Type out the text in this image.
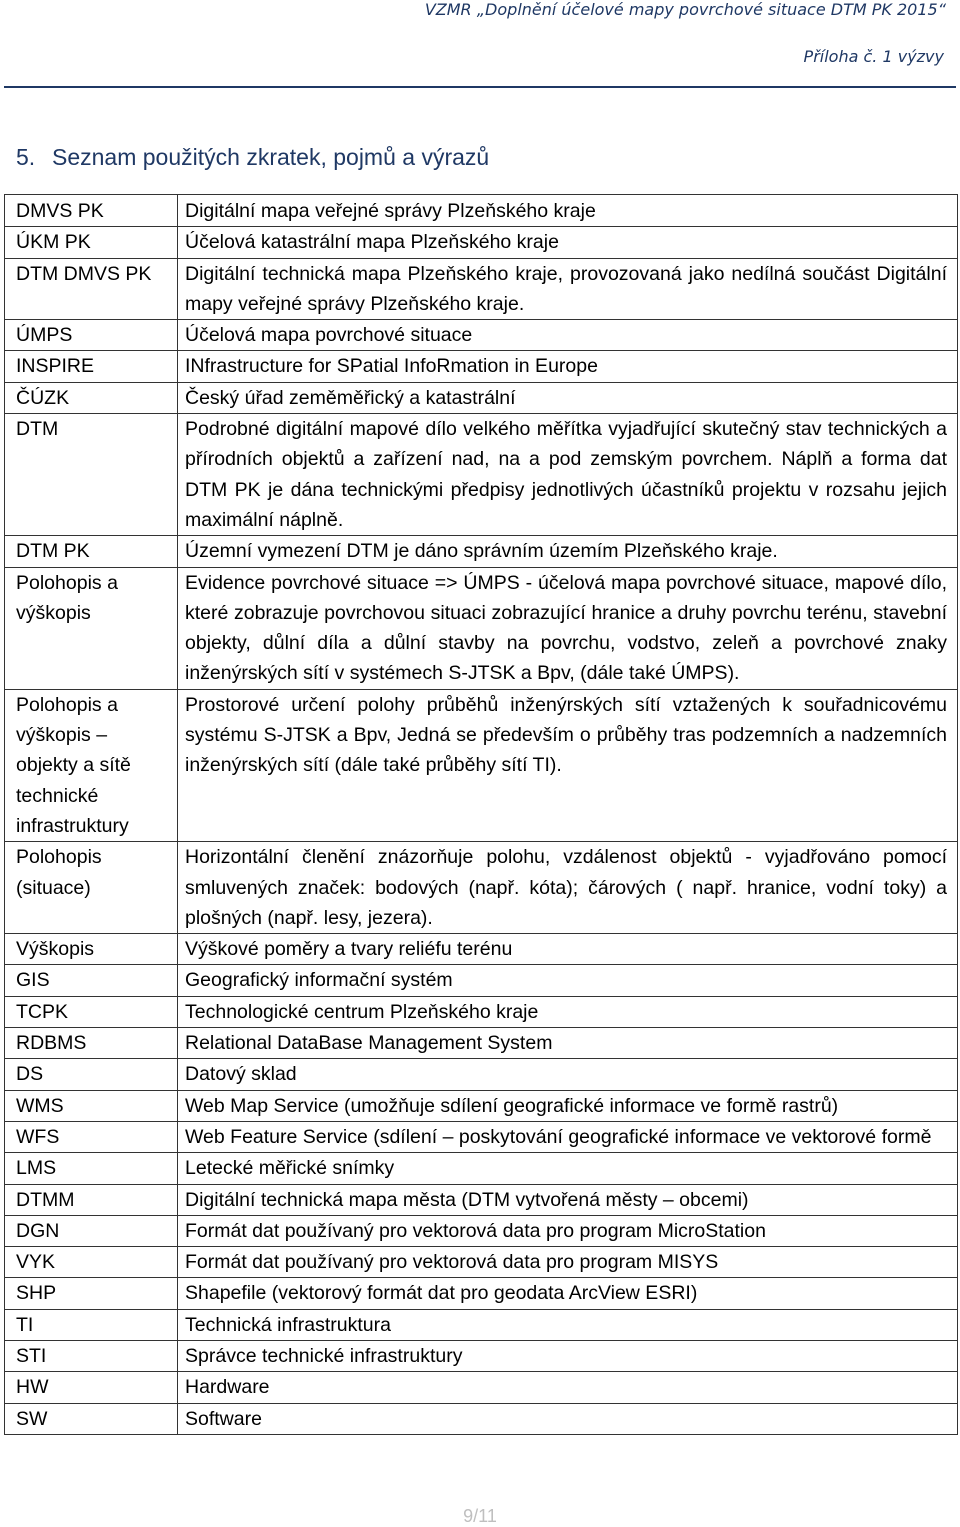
VZMR „Doplnění účelové mapy povrchové situace DTM PK 2015“
Příloha č. 1 výzvy
5. Seznam použitých zkratek, pojmů a výrazů
DMVS PK	Digitální mapa veřejné správy Plzeňského kraje
ÚKM PK	Účelová katastrální mapa Plzeňského kraje
DTM DMVS PK	Digitální technická mapa Plzeňského kraje, provozovaná jako nedílná součást Digitální mapy veřejné správy Plzeňského kraje.
ÚMPS	Účelová mapa povrchové situace
INSPIRE	INfrastructure for SPatial InfoRmation in Europe
ČÚZK	Český úřad zeměměřický a katastrální
DTM	Podrobné digitální mapové dílo velkého měřítka vyjadřující skutečný stav technických a přírodních objektů a zařízení nad, na a pod zemským povrchem. Náplň a forma dat DTM PK je dána technickými předpisy jednotlivých účastníků projektu v rozsahu jejich maximální náplně.
DTM PK	Územní vymezení DTM je dáno správním územím Plzeňského kraje.
Polohopis a výškopis	Evidence povrchové situace => ÚMPS - účelová mapa povrchové situace, mapové dílo, které zobrazuje povrchovou situaci zobrazující hranice a druhy povrchu terénu, stavební objekty, důlní díla a důlní stavby na povrchu, vodstvo, zeleň a povrchové znaky inženýrských sítí v systémech S-JTSK a Bpv, (dále také ÚMPS).
Polohopis a výškopis – objekty a sítě technické infrastruktury	Prostorové určení polohy průběhů inženýrských sítí vztažených k souřadnicovému systému S-JTSK a Bpv, Jedná se především o průběhy tras podzemních a nadzemních inženýrských sítí (dále také průběhy sítí TI).
Polohopis (situace)	Horizontální členění znázorňuje polohu, vzdálenost objektů - vyjadřováno pomocí smluvených značek: bodových (např. kóta); čárových ( např. hranice, vodní toky) a plošných (např. lesy, jezera).
Výškopis	Výškové poměry a tvary reliéfu terénu
GIS	Geografický informační systém
TCPK	Technologické centrum Plzeňského kraje
RDBMS	Relational DataBase Management System
DS	Datový sklad
WMS	Web Map Service (umožňuje sdílení geografické informace ve formě rastrů)
WFS	Web Feature Service (sdílení – poskytování geografické informace ve vektorové formě
LMS	Letecké měřické snímky
DTMM	Digitální technická mapa města (DTM vytvořená městy – obcemi)
DGN	Formát dat používaný pro vektorová data pro program MicroStation
VYK	Formát dat používaný pro vektorová data pro program MISYS
SHP	Shapefile (vektorový formát dat pro geodata ArcView ESRI)
TI	Technická infrastruktura
STI	Správce technické infrastruktury
HW	Hardware
SW	Software
9/11
